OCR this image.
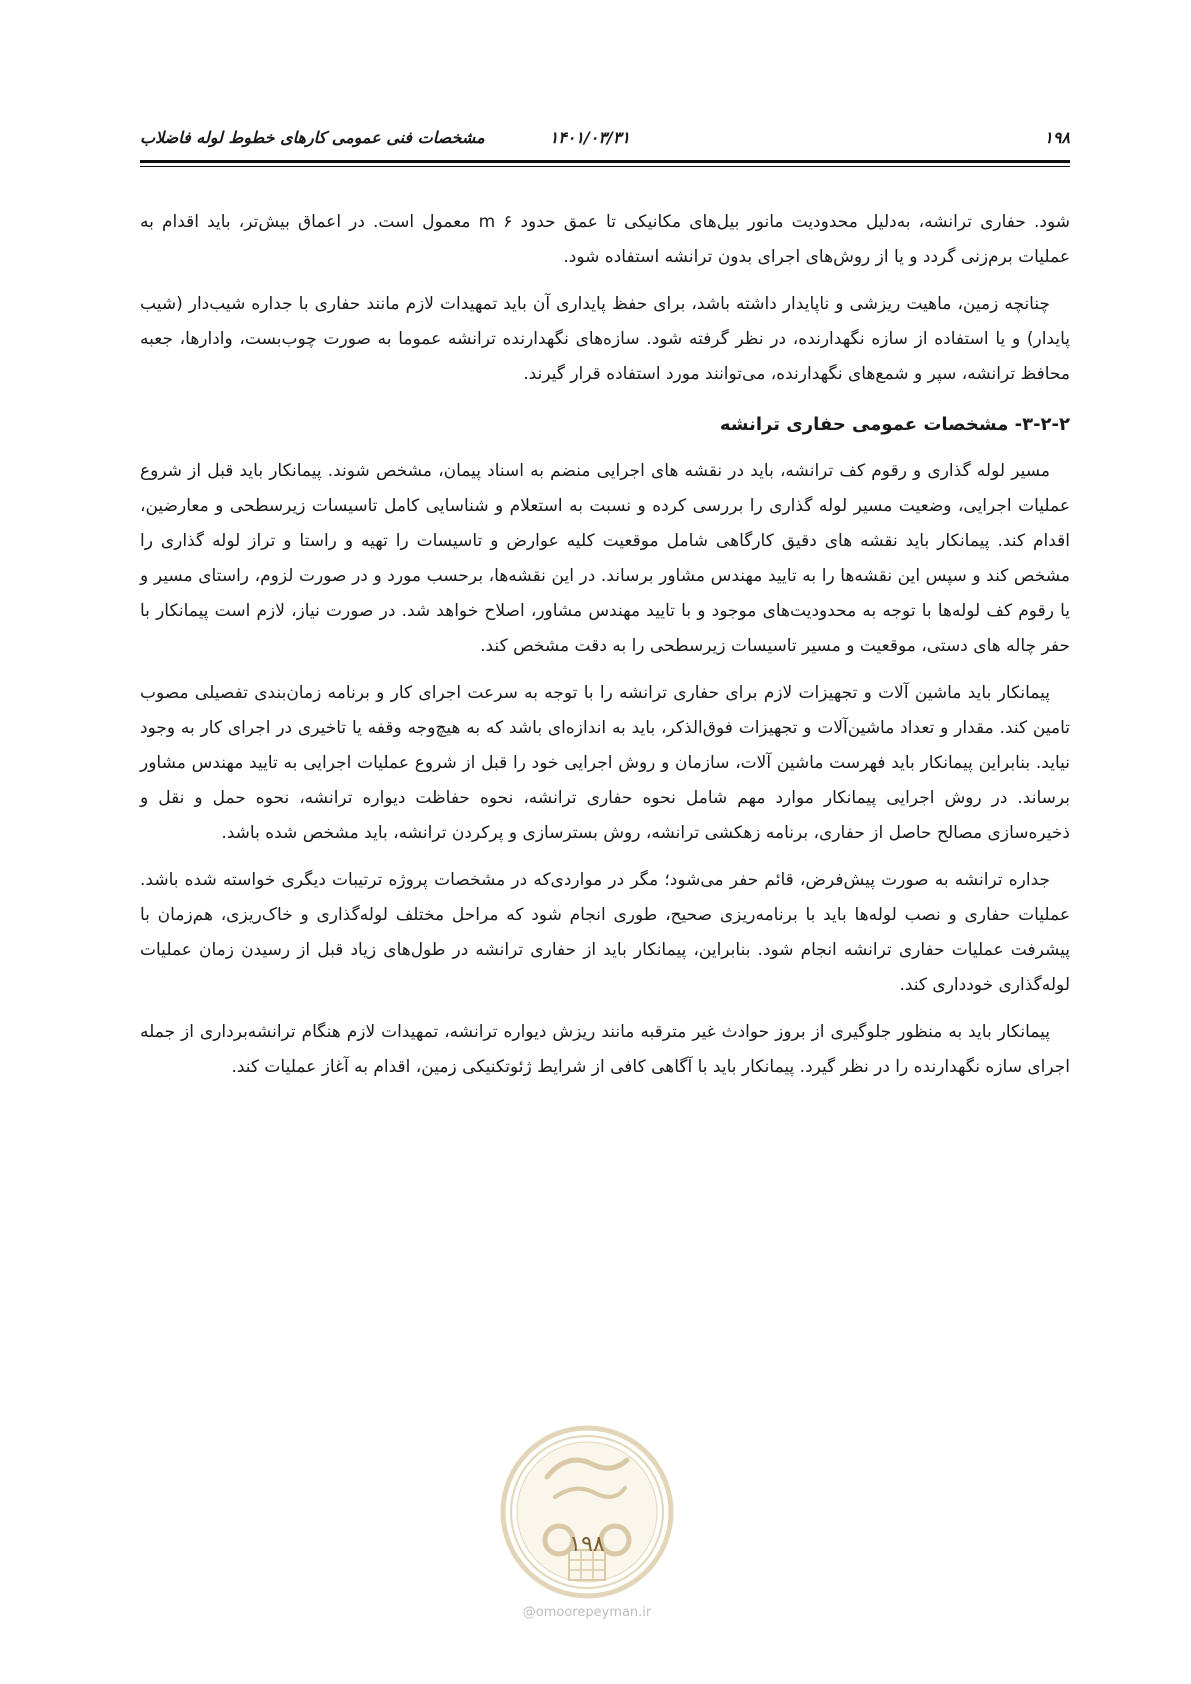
۱۹۸
۱۴۰۱/۰۳/۳۱
مشخصات فنی عمومی کارهای خطوط لوله فاضلاب

شود. حفاری ترانشه، به‌دلیل محدودیت مانور بیل‌های مکانیکی تا عمق حدود m ۶ معمول است. در اعماق بیش‌تر، باید اقدام به عملیات برم‌زنی گردد و یا از روش‌های اجرای بدون ترانشه استفاده شود.

چنانچه زمین، ماهیت ریزشی و ناپایدار داشته باشد، برای حفظ پایداری آن باید تمهیدات لازم مانند حفاری با جداره شیب‌دار (شیب پایدار) و یا استفاده از سازه نگهدارنده، در نظر گرفته شود. سازه‌های نگهدارنده ترانشه عموما به صورت چوب‌بست، وادارها، جعبه محافظ ترانشه، سپر و شمع‌های نگهدارنده، می‌توانند مورد استفاده قرار گیرند.

۳-۲-۲- مشخصات عمومی حفاری ترانشه

مسیر لوله گذاری و رقوم کف ترانشه، باید در نقشه های اجرایی منضم به اسناد پیمان، مشخص شوند. پیمانکار باید قبل از شروع عملیات اجرایی، وضعیت مسیر لوله گذاری را بررسی کرده و نسبت به استعلام و شناسایی کامل تاسیسات زیرسطحی و معارضین، اقدام کند. پیمانکار باید نقشه های دقیق کارگاهی شامل موقعیت کلیه عوارض و تاسیسات را تهیه و راستا و تراز لوله گذاری را مشخص کند و سپس این نقشه‌ها را به تایید مهندس مشاور برساند. در این نقشه‌ها، برحسب مورد و در صورت لزوم، راستای مسیر و یا رقوم کف لوله‌ها با توجه به محدودیت‌های موجود و با تایید مهندس مشاور، اصلاح خواهد شد. در صورت نیاز، لازم است پیمانکار با حفر چاله های دستی، موقعیت و مسیر تاسیسات زیرسطحی را به دقت مشخص کند.

پیمانکار باید ماشین آلات و تجهیزات لازم برای حفاری ترانشه را با توجه به سرعت اجرای کار و برنامه زمان‌بندی تفصیلی مصوب تامین کند. مقدار و تعداد ماشین‌آلات و تجهیزات فوق‌الذکر، باید به اندازه‌ای باشد که به هیچ‌وجه وقفه یا تاخیری در اجرای کار به وجود نیاید. بنابراین پیمانکار باید فهرست ماشین آلات، سازمان و روش اجرایی خود را قبل از شروع عملیات اجرایی به تایید مهندس مشاور برساند. در روش اجرایی پیمانکار موارد مهم شامل نحوه حفاری ترانشه، نحوه حفاظت دیواره ترانشه، نحوه حمل و نقل و ذخیره‌سازی مصالح حاصل از حفاری، برنامه زهکشی ترانشه، روش بسترسازی و پرکردن ترانشه، باید مشخص شده باشد.

جداره ترانشه به صورت پیش‌فرض، قائم حفر می‌شود؛ مگر در مواردی‌که در مشخصات پروژه ترتیبات دیگری خواسته شده باشد. عملیات حفاری و نصب لوله‌ها باید با برنامه‌ریزی صحیح، طوری انجام شود که مراحل مختلف لوله‌گذاری و خاک‌ریزی، هم‌زمان با پیشرفت عملیات حفاری ترانشه انجام شود. بنابراین، پیمانکار باید از حفاری ترانشه در طول‌های زیاد قبل از رسیدن زمان عملیات لوله‌گذاری خودداری کند.

پیمانکار باید به منظور جلوگیری از بروز حوادث غیر مترقبه مانند ریزش دیواره ترانشه، تمهیدات لازم هنگام ترانشه‌برداری از جمله اجرای سازه نگهدارنده را در نظر گیرد. پیمانکار باید با آگاهی کافی از شرایط ژئوتکنیکی زمین، اقدام به آغاز عملیات کند.

۱۹۸
@omoorepeyman.ir
